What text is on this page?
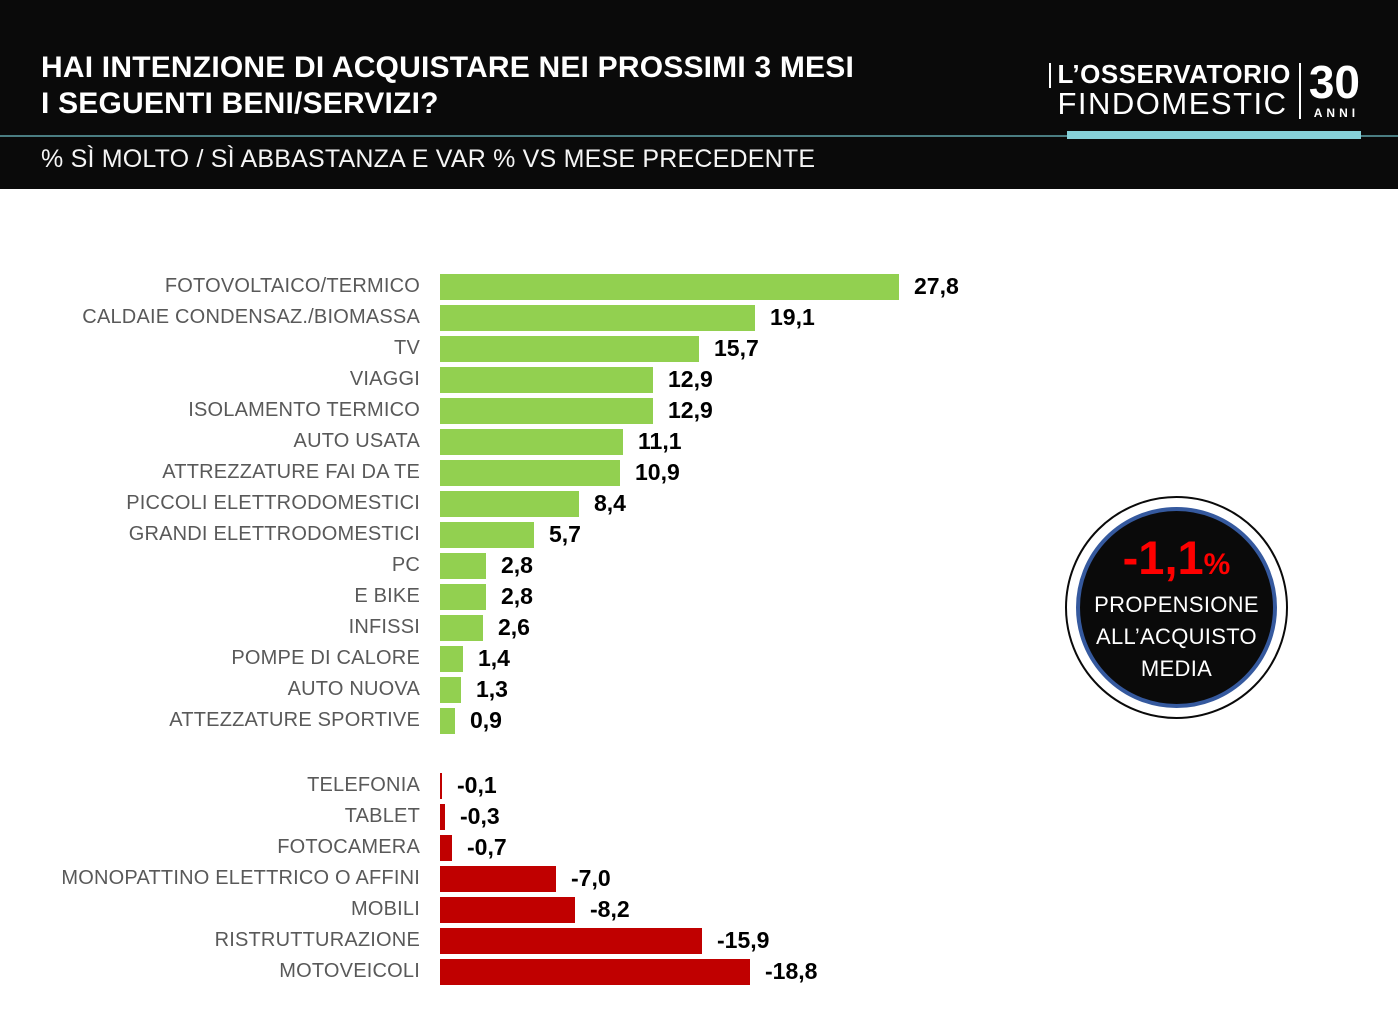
HAI INTENZIONE DI ACQUISTARE NEI PROSSIMI 3 MESI
I SEGUENTI BENI/SERVIZI?
L’OSSERVATORIO
FINDOMESTIC 30
ANNI
% SÌ MOLTO / SÌ ABBASTANZA E VAR % VS MESE PRECEDENTE
FOTOVOLTAICO/TERMICO	27,8
CALDAIE CONDENSAZ./BIOMASSA	19,1
TV	15,7
VIAGGI	12,9
ISOLAMENTO TERMICO	12,9
AUTO USATA	11,1
ATTREZZATURE FAI DA TE	10,9
PICCOLI ELETTRODOMESTICI	8,4
GRANDI ELETTRODOMESTICI	5,7
PC	2,8
E BIKE	2,8
INFISSI	2,6
POMPE DI CALORE	1,4
AUTO NUOVA 1,3
ATTEZZATURE SPORTIVE 0,9
TELEFONIA -0,1
TABLET -0,3
FOTOCAMERA -0,7
MONOPATTINO ELETTRICO O AFFINI	-7,0
MOBILI	-8,2
RISTRUTTURAZIONE	-15,9
MOTOVEICOLI	-18,8
-1,1%
PROPENSIONE
ALL’ACQUISTO
MEDIA
